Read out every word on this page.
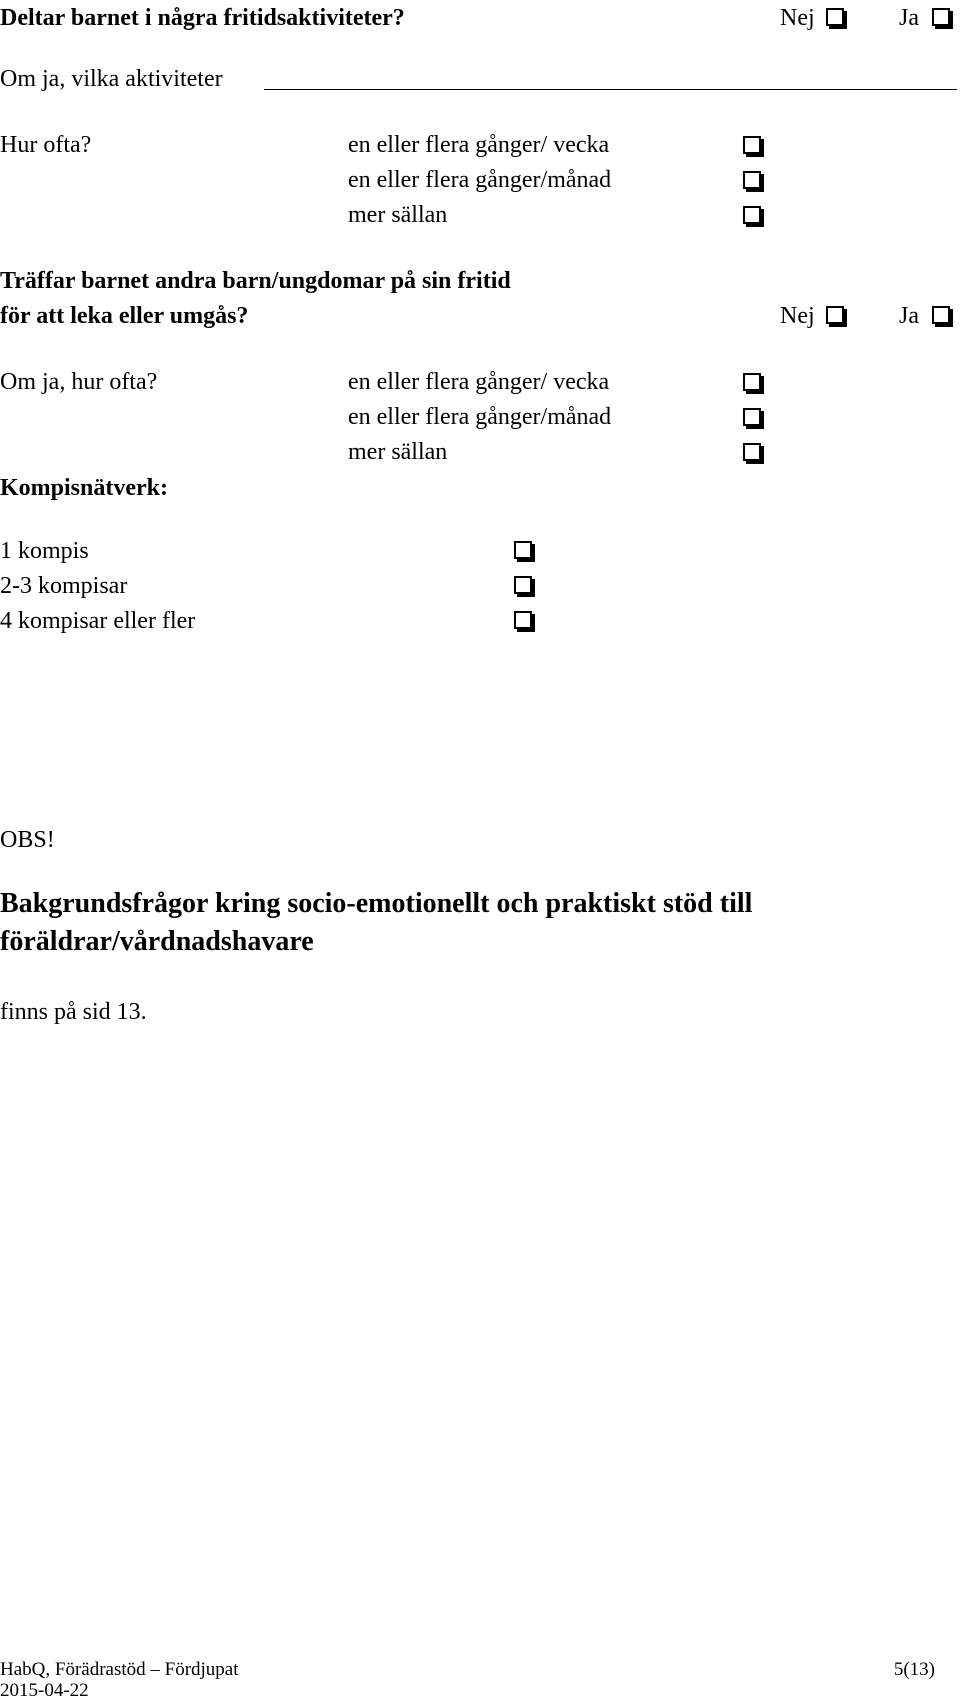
Deltar barnet i några fritidsaktiviteter?	Nej	Ja
Om ja, vilka aktiviteter
Hur ofta?	en eller flera gånger/ vecka
en eller flera gånger/månad
mer sällan
Träffar barnet andra barn/ungdomar på sin fritid
för att leka eller umgås?	Nej	Ja
Om ja, hur ofta?	en eller flera gånger/ vecka
en eller flera gånger/månad
mer sällan
Kompisnätverk:
1 kompis
2-3 kompisar
4 kompisar eller fler
OBS!
Bakgrundsfrågor kring socio-emotionellt och praktiskt stöd till
föräldrar/vårdnadshavare
finns på sid 13.
HabQ, Förädrastöd – Fördjupat	5(13)
2015-04-22
